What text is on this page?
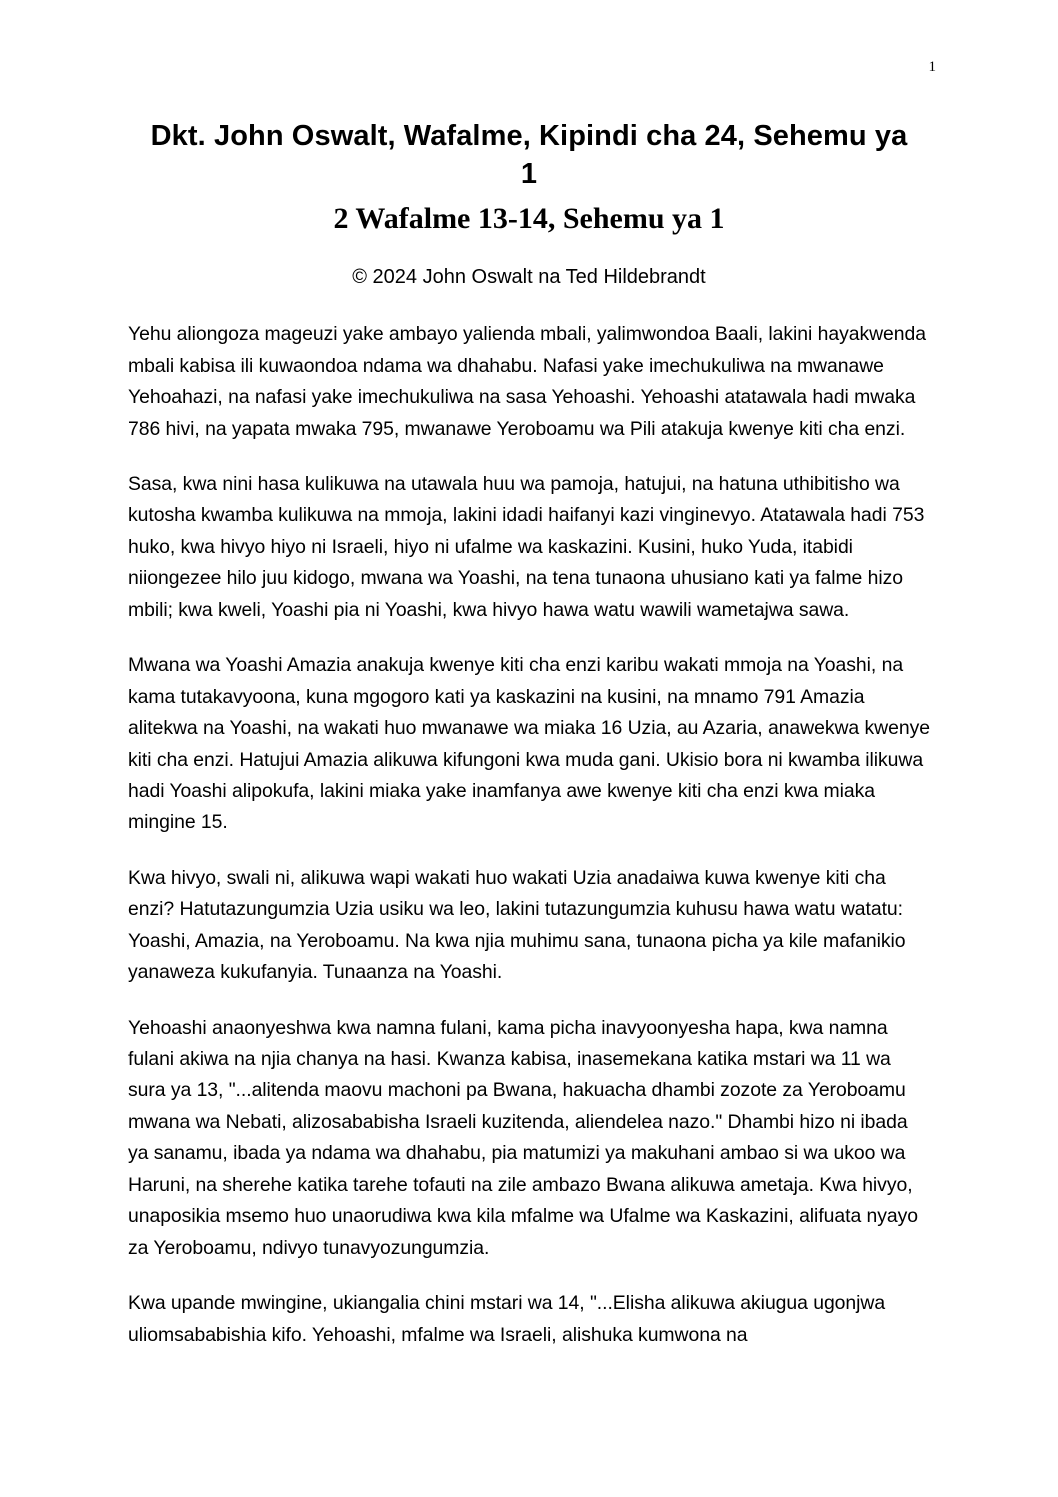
1
Dkt. John Oswalt, Wafalme, Kipindi cha 24, Sehemu ya 1
2 Wafalme 13-14, Sehemu ya 1
© 2024 John Oswalt na Ted Hildebrandt

Yehu aliongoza mageuzi yake ambayo yalienda mbali, yalimwondoa Baali, lakini hayakwenda mbali kabisa ili kuwaondoa ndama wa dhahabu. Nafasi yake imechukuliwa na mwanawe Yehoahazi, na nafasi yake imechukuliwa na sasa Yehoashi. Yehoashi atatawala hadi mwaka 786 hivi, na yapata mwaka 795, mwanawe Yeroboamu wa Pili atakuja kwenye kiti cha enzi.

Sasa, kwa nini hasa kulikuwa na utawala huu wa pamoja, hatujui, na hatuna uthibitisho wa kutosha kwamba kulikuwa na mmoja, lakini idadi haifanyi kazi vinginevyo. Atatawala hadi 753 huko, kwa hivyo hiyo ni Israeli, hiyo ni ufalme wa kaskazini. Kusini, huko Yuda, itabidi niiongezee hilo juu kidogo, mwana wa Yoashi, na tena tunaona uhusiano kati ya falme hizo mbili; kwa kweli, Yoashi pia ni Yoashi, kwa hivyo hawa watu wawili wametajwa sawa.

Mwana wa Yoashi Amazia anakuja kwenye kiti cha enzi karibu wakati mmoja na Yoashi, na kama tutakavyoona, kuna mgogoro kati ya kaskazini na kusini, na mnamo 791 Amazia alitekwa na Yoashi, na wakati huo mwanawe wa miaka 16 Uzia, au Azaria, anawekwa kwenye kiti cha enzi. Hatujui Amazia alikuwa kifungoni kwa muda gani. Ukisio bora ni kwamba ilikuwa hadi Yoashi alipokufa, lakini miaka yake inamfanya awe kwenye kiti cha enzi kwa miaka mingine 15.

Kwa hivyo, swali ni, alikuwa wapi wakati huo wakati Uzia anadaiwa kuwa kwenye kiti cha enzi? Hatutazungumzia Uzia usiku wa leo, lakini tutazungumzia kuhusu hawa watu watatu: Yoashi, Amazia, na Yeroboamu. Na kwa njia muhimu sana, tunaona picha ya kile mafanikio yanaweza kukufanyia. Tunaanza na Yoashi.

Yehoashi anaonyeshwa kwa namna fulani, kama picha inavyoonyesha hapa, kwa namna fulani akiwa na njia chanya na hasi. Kwanza kabisa, inasemekana katika mstari wa 11 wa sura ya 13, "...alitenda maovu machoni pa Bwana, hakuacha dhambi zozote za Yeroboamu mwana wa Nebati, alizosababisha Israeli kuzitenda, aliendelea nazo." Dhambi hizo ni ibada ya sanamu, ibada ya ndama wa dhahabu, pia matumizi ya makuhani ambao si wa ukoo wa Haruni, na sherehe katika tarehe tofauti na zile ambazo Bwana alikuwa ametaja. Kwa hivyo, unaposikia msemo huo unaorudiwa kwa kila mfalme wa Ufalme wa Kaskazini, alifuata nyayo za Yeroboamu, ndivyo tunavyozungumzia.

Kwa upande mwingine, ukiangalia chini mstari wa 14, "...Elisha alikuwa akiugua ugonjwa uliomsababishia kifo. Yehoashi, mfalme wa Israeli, alishuka kumwona na
